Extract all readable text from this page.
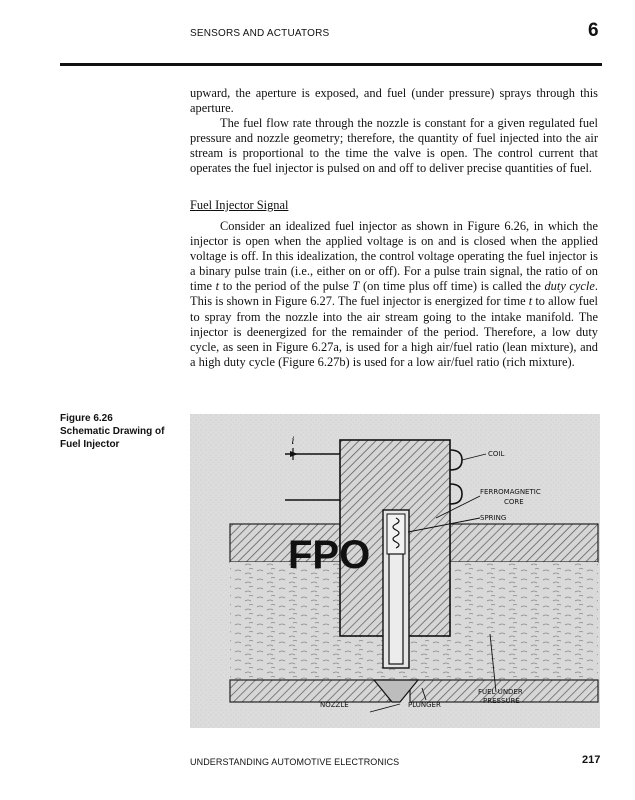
SENSORS AND ACTUATORS	6

upward, the aperture is exposed, and fuel (under pressure) sprays through this aperture.

The fuel flow rate through the nozzle is constant for a given regulated fuel pressure and nozzle geometry; therefore, the quantity of fuel injected into the air stream is proportional to the time the valve is open. The control current that operates the fuel injector is pulsed on and off to deliver precise quantities of fuel.

Fuel Injector Signal

Consider an idealized fuel injector as shown in Figure 6.26, in which the injector is open when the applied voltage is on and is closed when the applied voltage is off. In this idealization, the control voltage operating the fuel injector is a binary pulse train (i.e., either on or off). For a pulse train signal, the ratio of on time t to the period of the pulse T (on time plus off time) is called the duty cycle. This is shown in Figure 6.27. The fuel injector is energized for time t to allow fuel to spray from the nozzle into the air stream going to the intake manifold. The injector is deenergized for the remainder of the period. Therefore, a low duty cycle, as seen in Figure 6.27a, is used for a high air/fuel ratio (lean mixture), and a high duty cycle (Figure 6.27b) is used for a low air/fuel ratio (rich mixture).

Figure 6.26
Schematic Drawing of
Fuel Injector	i
COIL
FERROMAGNETIC
CORE
SPRING
FUEL UNDER
PRESSURE
NOZZLE	PLUNGER
FPO
UNDERSTANDING AUTOMOTIVE ELECTRONICS	217
